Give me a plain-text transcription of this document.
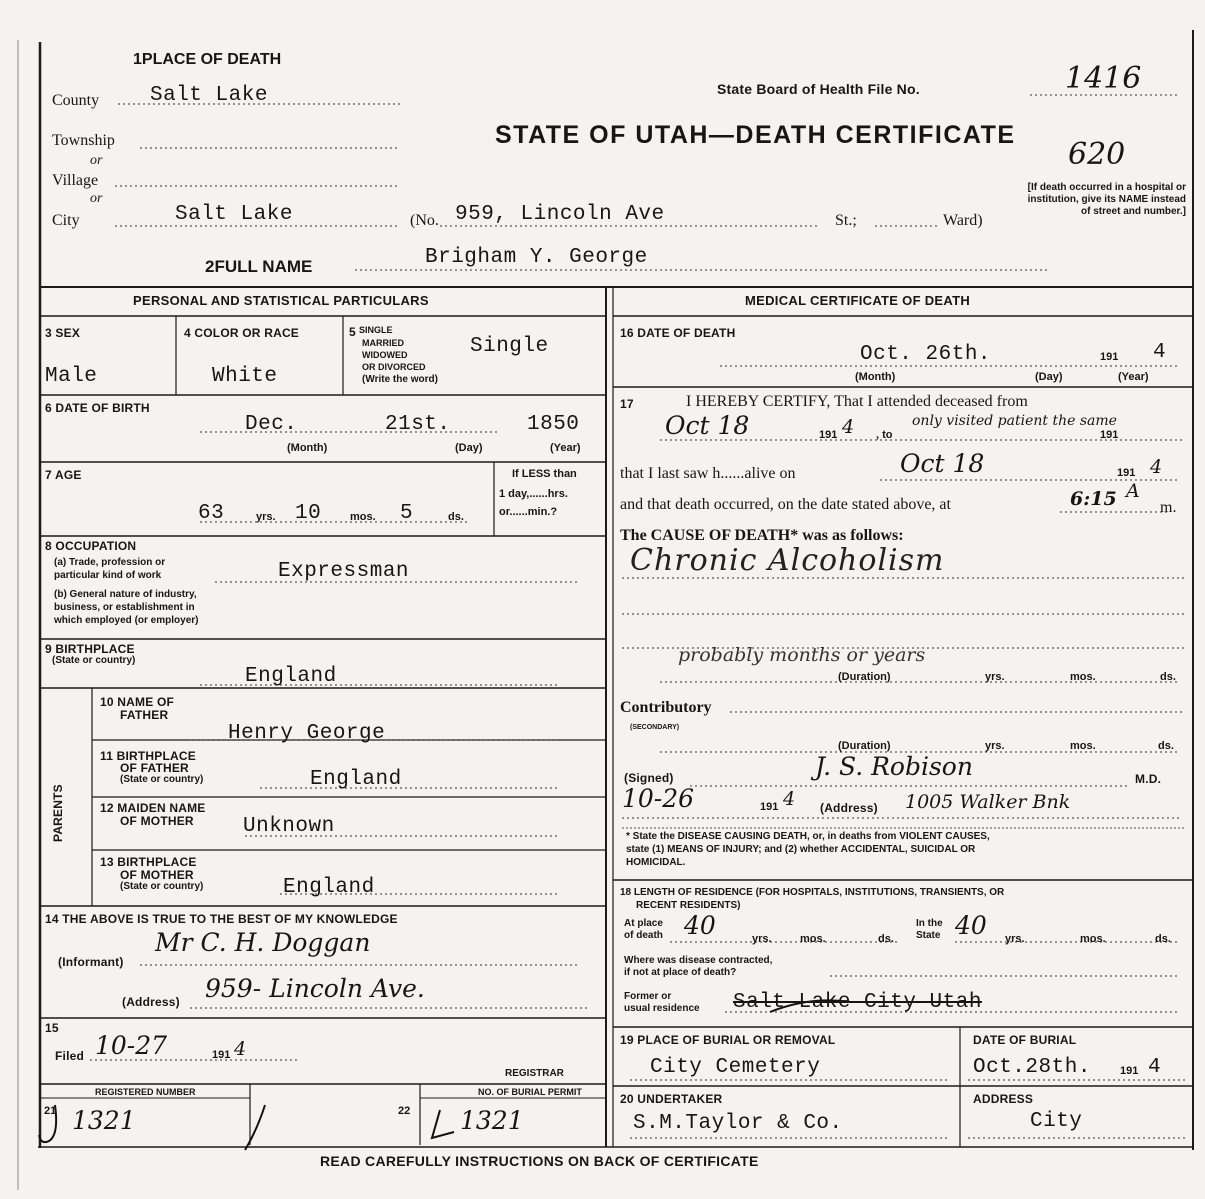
1PLACE OF DEATH
County Salt Lake
Township
or
Village
or
City	Salt Lake	(No. 959, Lincoln Ave	St.;	Ward)
State Board of Health File No.	1416
620
STATE OF UTAH—DEATH CERTIFICATE
[If death occurred in a hospital or institution, give its NAME instead of street and number.]
2FULL NAME	Brigham Y. George
PERSONAL AND STATISTICAL PARTICULARS
3 SEX
Male
4 COLOR OR RACE
White
5 SINGLE
MARRIED
WIDOWED
OR DIVORCED
(Write the word)
Single
6 DATE OF BIRTH
Dec.	21st.	1850
(Month)	(Day)	(Year)
7 AGE
63	yrs. 10	mos. 5	ds.
If LESS than
1 day,......hrs.
or......min.?
8 OCCUPATION
(a) Trade, profession or
particular kind of work
(b) General nature of industry,
business, or establishment in
which employed (or employer)
Expressman
9 BIRTHPLACE
(State or country)
England
PARENTS
10 NAME OF
FATHER
Henry George
11 BIRTHPLACE
OF FATHER
(State or country)	England
12 MAIDEN NAME
OF MOTHER Unknown
13 BIRTHPLACE
OF MOTHER
(State or country)	England
14 THE ABOVE IS TRUE TO THE BEST OF MY KNOWLEDGE
Mr C. H. Doggan
(Informant)
959- Lincoln Ave.
(Address)
15
Filed 10-27	191 4
REGISTRAR
REGISTERED NUMBER
21 1321
NO. OF BURIAL PERMIT
22 1321
MEDICAL CERTIFICATE OF DEATH
16 DATE OF DEATH
Oct. 26th.	191 4
(Month)	(Day)	(Year)
17	I HEREBY CERTIFY, That I attended deceased from
Oct 18	191 4 , to
only visited patient the same
191
that I last saw h......alive on	Oct 18	191 4
and that death occurred, on the date stated above, at	6:15 A
m.
The CAUSE OF DEATH* was as follows:
Chronic Alcoholism
probably months or years
(Duration)	yrs.	mos.	ds.
Contributory
(SECONDARY)
(Duration)	yrs.	mos.	ds.
(Signed)	J. S. Robison	M.D.
10-26	191 4 (Address) 1005 Walker Bnk
* State the DISEASE CAUSING DEATH, or, in deaths from VIOLENT CAUSES,
state (1) MEANS OF INJURY; and (2) whether ACCIDENTAL, SUICIDAL OR
HOMICIDAL.
18 LENGTH OF RESIDENCE (FOR HOSPITALS, INSTITUTIONS, TRANSIENTS, OR
RECENT RESIDENTS)
At place
of death 40	yrs.	mos.	ds.
In the
State 40 yrs.	mos.	ds.
Where was disease contracted,
if not at place of death?
Former or
usual residence Salt Lake City Utah
19 PLACE OF BURIAL OR REMOVAL
City Cemetery
DATE OF BURIAL
Oct.28th.	191 4
20 UNDERTAKER
S.M.Taylor & Co.
ADDRESS
City
READ CAREFULLY INSTRUCTIONS ON BACK OF CERTIFICATE
